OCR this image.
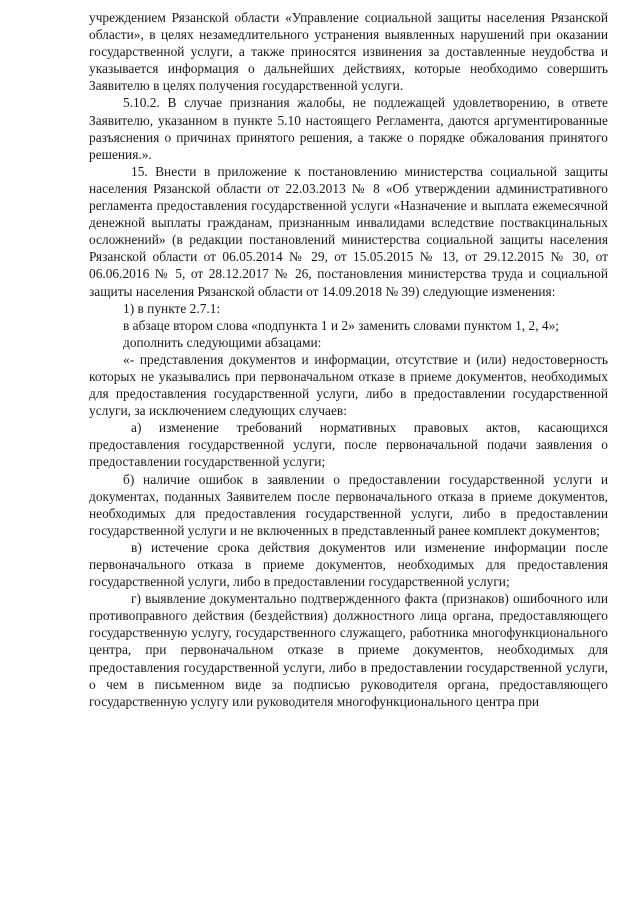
учреждением Рязанской области «Управление социальной защиты населения Рязанской области», в целях незамедлительного устранения выявленных нарушений при оказании государственной услуги, а также приносятся извинения за доставленные неудобства и указывается информация о дальнейших действиях, которые необходимо совершить Заявителю в целях получения государственной услуги.

5.10.2. В случае признания жалобы, не подлежащей удовлетворению, в ответе Заявителю, указанном в пункте 5.10 настоящего Регламента, даются аргументированные разъяснения о причинах принятого решения, а также о порядке обжалования принятого решения.».

15. Внести в приложение к постановлению министерства социальной защиты населения Рязанской области от 22.03.2013 № 8 «Об утверждении административного регламента предоставления государственной услуги «Назначение и выплата ежемесячной денежной выплаты гражданам, признанным инвалидами вследствие поствакцинальных осложнений» (в редакции постановлений министерства социальной защиты населения Рязанской области от 06.05.2014 № 29, от 15.05.2015 № 13, от 29.12.2015 № 30, от 06.06.2016 № 5, от 28.12.2017 № 26, постановления министерства труда и социальной защиты населения Рязанской области от 14.09.2018 № 39) следующие изменения:

1) в пункте 2.7.1:

в абзаце втором слова «подпункта 1 и 2» заменить словами пунктом 1, 2, 4»;

дополнить следующими абзацами:

«- представления документов и информации, отсутствие и (или) недостоверность которых не указывались при первоначальном отказе в приеме документов, необходимых для предоставления государственной услуги, либо в предоставлении государственной услуги, за исключением следующих случаев:

а) изменение требований нормативных правовых актов, касающихся предоставления государственной услуги, после первоначальной подачи заявления о предоставлении государственной услуги;

б) наличие ошибок в заявлении о предоставлении государственной услуги и документах, поданных Заявителем после первоначального отказа в приеме документов, необходимых для предоставления государственной услуги, либо в предоставлении государственной услуги и не включенных в представленный ранее комплект документов;

в) истечение срока действия документов или изменение информации после первоначального отказа в приеме документов, необходимых для предоставления государственной услуги, либо в предоставлении государственной услуги;

г) выявление документально подтвержденного факта (признаков) ошибочного или противоправного действия (бездействия) должностного лица органа, предоставляющего государственную услугу, государственного служащего, работника многофункционального центра, при первоначальном отказе в приеме документов, необходимых для предоставления государственной услуги, либо в предоставлении государственной услуги, о чем в письменном виде за подписью руководителя органа, предоставляющего государственную услугу или руководителя многофункционального центра при
